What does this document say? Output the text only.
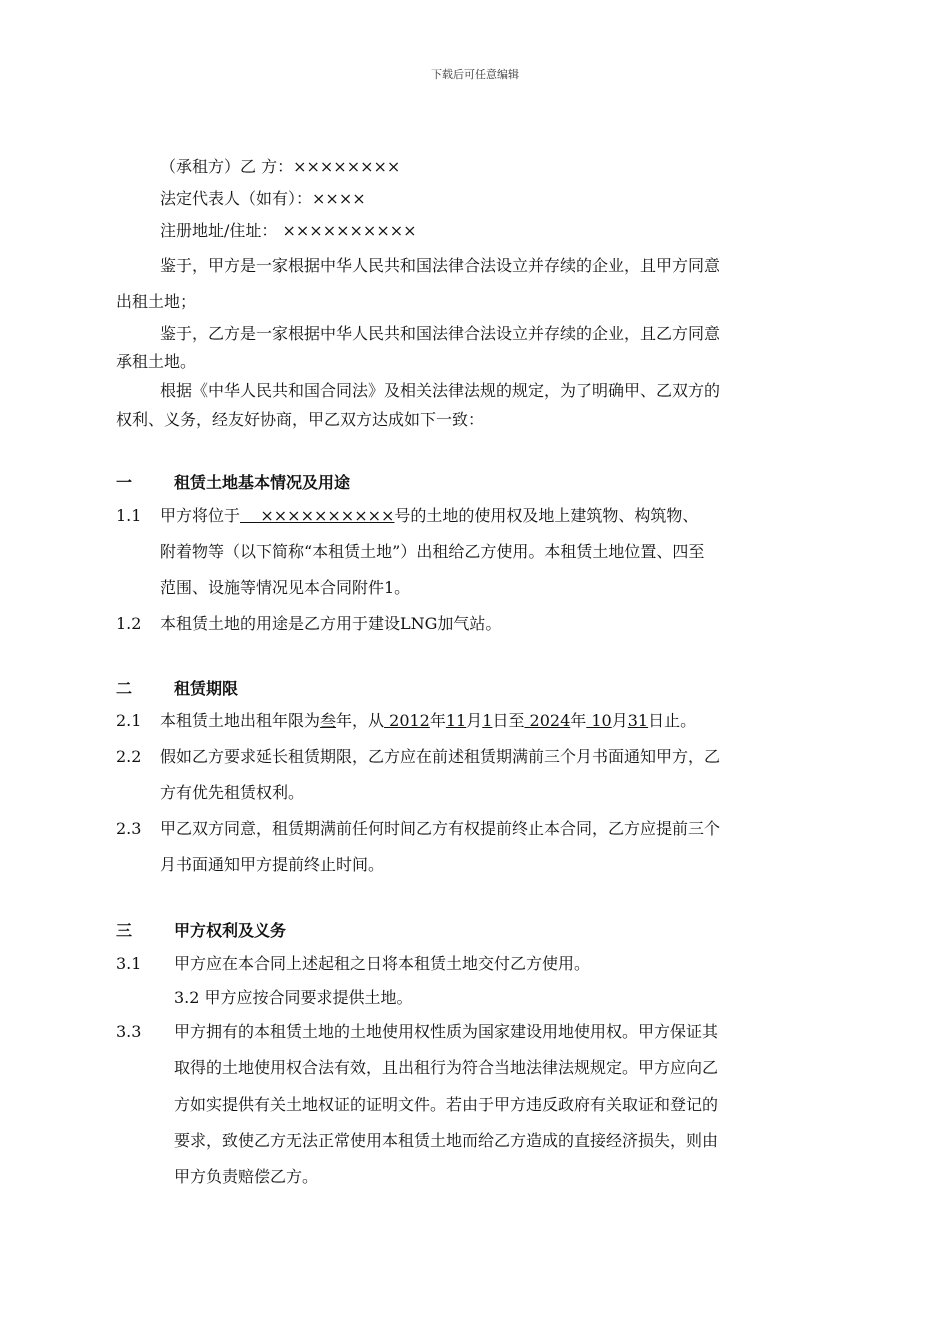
下载后可任意编辑
（承租方）乙 方：××××××××
法定代表人（如有）：××××
注册地址/住址： ××××××××××
鉴于，甲方是一家根据中华人民共和国法律合法设立并存续的企业，且甲方同意
出租土地；
鉴于，乙方是一家根据中华人民共和国法律合法设立并存续的企业，且乙方同意
承租土地。
根据《中华人民共和国合同法》及相关法律法规的规定，为了明确甲、乙双方的
权利、义务，经友好协商，甲乙双方达成如下一致：
一	租赁土地基本情况及用途
1.1 甲方将位于    ××××××××××号的土地的使用权及地上建筑物、构筑物、
附着物等（以下简称“本租赁土地”）出租给乙方使用。本租赁土地位置、四至
范围、设施等情况见本合同附件1。
1.2 本租赁土地的用途是乙方用于建设LNG加气站。
二	租赁期限
2.1 本租赁土地出租年限为叁年，从 2012年11月1日至 2024年 10月31日止。
2.2 假如乙方要求延长租赁期限，乙方应在前述租赁期满前三个月书面通知甲方，乙
方有优先租赁权利。
2.3 甲乙双方同意，租赁期满前任何时间乙方有权提前终止本合同，乙方应提前三个
月书面通知甲方提前终止时间。
三	甲方权利及义务
3.1 甲方应在本合同上述起租之日将本租赁土地交付乙方使用。
3.2 甲方应按合同要求提供土地。
3.3 甲方拥有的本租赁土地的土地使用权性质为国家建设用地使用权。甲方保证其
取得的土地使用权合法有效，且出租行为符合当地法律法规规定。甲方应向乙
方如实提供有关土地权证的证明文件。若由于甲方违反政府有关取证和登记的
要求，致使乙方无法正常使用本租赁土地而给乙方造成的直接经济损失，则由
甲方负责赔偿乙方。
